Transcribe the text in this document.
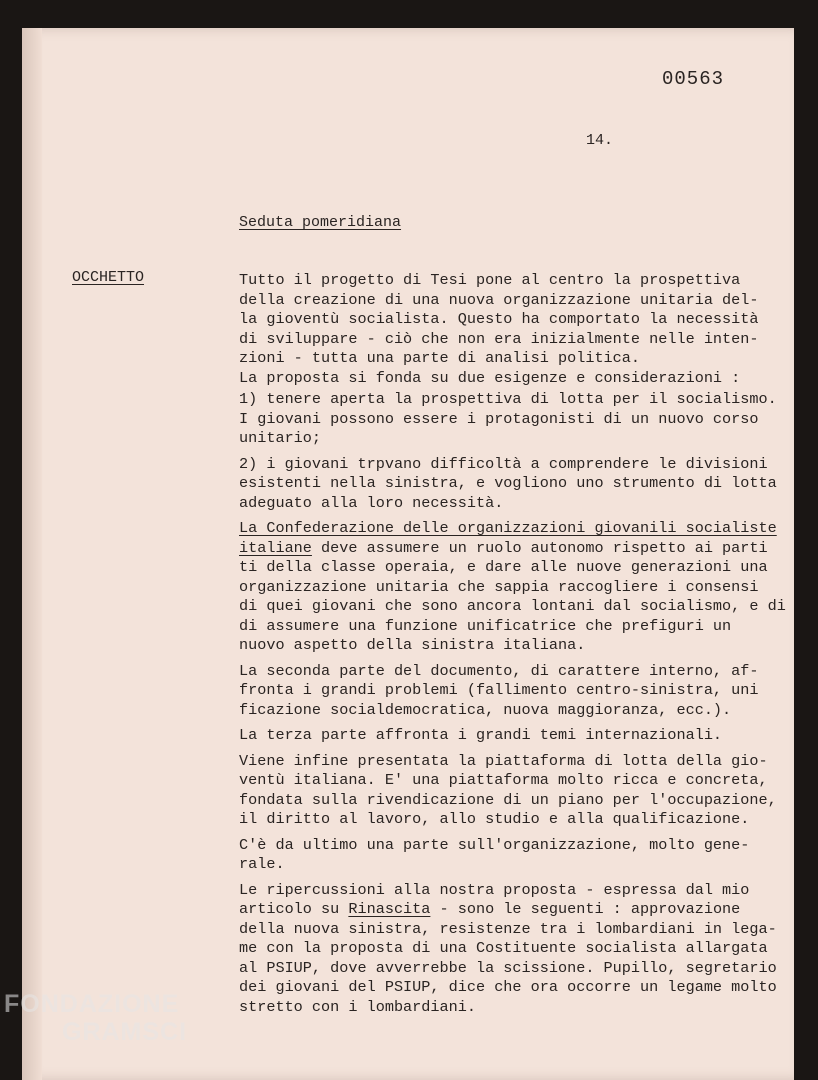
00563
14.
Seduta pomeridiana
OCCHETTO	Tutto il progetto di Tesi pone al centro la prospettiva
della creazione di una nuova organizzazione unitaria del-
la gioventù socialista. Questo ha comportato la necessità
di sviluppare - ciò che non era inizialmente nelle inten-
zioni - tutta una parte di analisi politica.
La proposta si fonda su due esigenze e considerazioni :

1) tenere aperta la prospettiva di lotta per il socialismo.
I giovani possono essere i protagonisti di un nuovo corso
unitario;

2) i giovani trpvano difficoltà a comprendere le divisioni
esistenti nella sinistra, e vogliono uno strumento di lotta
adeguato alla loro necessità.

La Confederazione delle organizzazioni giovanili socialiste
italiane deve assumere un ruolo autonomo rispetto ai parti
ti della classe operaia, e dare alle nuove generazioni una
organizzazione unitaria che sappia raccogliere i consensi
di quei giovani che sono ancora lontani dal socialismo, e di
di assumere una funzione unificatrice che prefiguri un
nuovo aspetto della sinistra italiana.

La seconda parte del documento, di carattere interno, af-
fronta i grandi problemi (fallimento centro-sinistra, uni
ficazione socialdemocratica, nuova maggioranza, ecc.).

La terza parte affronta i grandi temi internazionali.

Viene infine presentata la piattaforma di lotta della gio-
ventù italiana. E' una piattaforma molto ricca e concreta,
fondata sulla rivendicazione di un piano per l'occupazione,
il diritto al lavoro, allo studio e alla qualificazione.

C'è da ultimo una parte sull'organizzazione, molto gene-
rale.

Le ripercussioni alla nostra proposta - espressa dal mio
articolo su Rinascita - sono le seguenti : approvazione
della nuova sinistra, resistenze tra i lombardiani in lega-
me con la proposta di una Costituente socialista allargata
al PSIUP, dove avverrebbe la scissione. Pupillo, segretario
dei giovani del PSIUP, dice che ora occorre un legame molto
stretto con i lombardiani.

FONDAZIONE
GRAMSCI
